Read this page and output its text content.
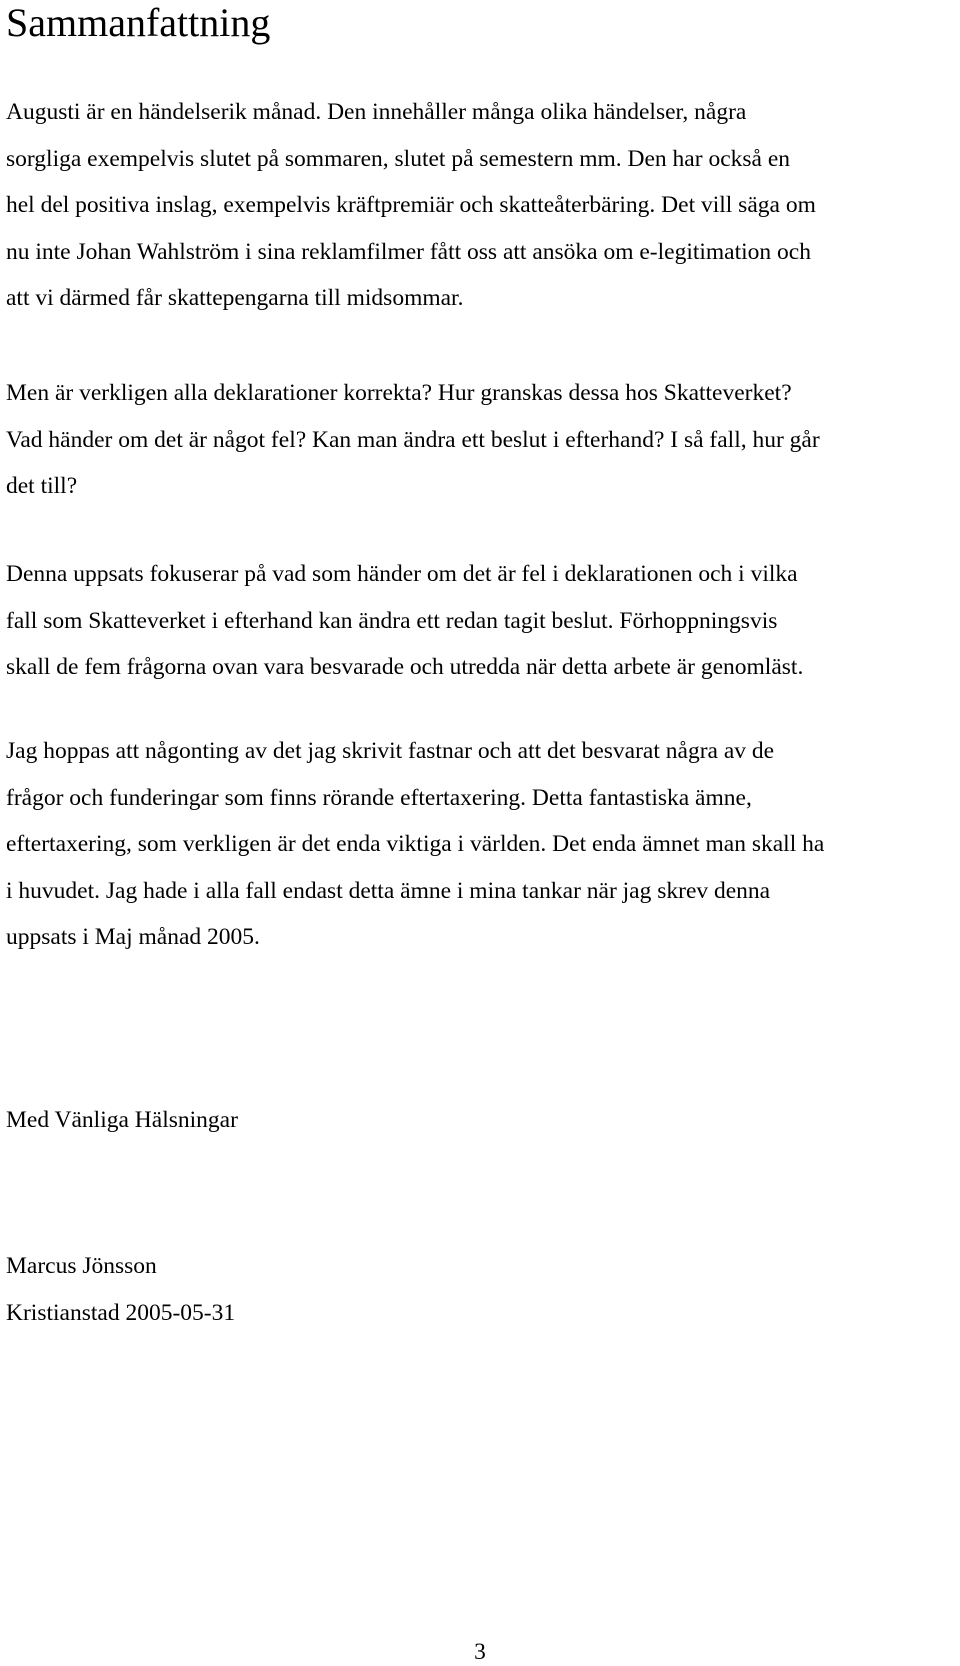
Sammanfattning
Augusti är en händelserik månad. Den innehåller många olika händelser, några
sorgliga exempelvis slutet på sommaren, slutet på semestern mm. Den har också en
hel del positiva inslag, exempelvis kräftpremiär och skatteåterbäring. Det vill säga om
nu inte Johan Wahlström i sina reklamfilmer fått oss att ansöka om e-legitimation och
att vi därmed får skattepengarna till midsommar.
Men är verkligen alla deklarationer korrekta? Hur granskas dessa hos Skatteverket?
Vad händer om det är något fel? Kan man ändra ett beslut i efterhand? I så fall, hur går
det till?
Denna uppsats fokuserar på vad som händer om det är fel i deklarationen och i vilka
fall som Skatteverket i efterhand kan ändra ett redan tagit beslut. Förhoppningsvis
skall de fem frågorna ovan vara besvarade och utredda när detta arbete är genomläst.
Jag hoppas att någonting av det jag skrivit fastnar och att det besvarat några av de
frågor och funderingar som finns rörande eftertaxering. Detta fantastiska ämne,
eftertaxering, som verkligen är det enda viktiga i världen. Det enda ämnet man skall ha
i huvudet. Jag hade i alla fall endast detta ämne i mina tankar när jag skrev denna
uppsats i Maj månad 2005.

Med Vänliga Hälsningar

Marcus Jönsson

Kristianstad 2005-05-31

3
